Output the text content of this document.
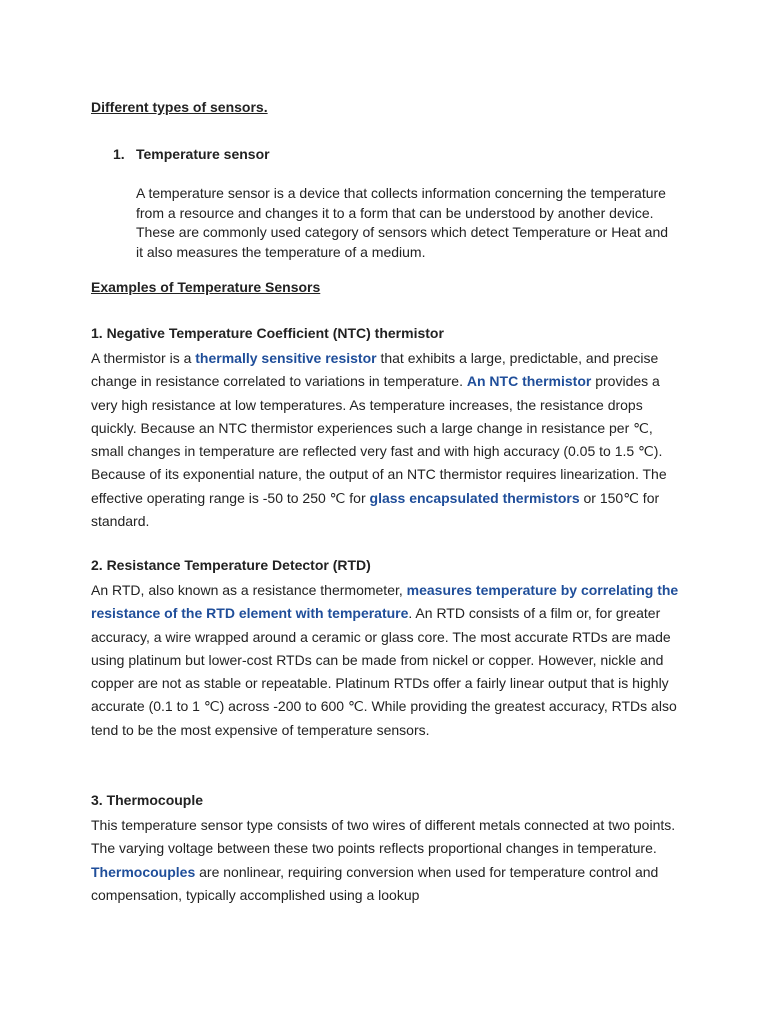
Different types of sensors.
1. Temperature sensor

A temperature sensor is a device that collects information concerning the temperature from a resource and changes it to a form that can be understood by another device. These are commonly used category of sensors which detect Temperature or Heat and it also measures the temperature of a medium.

Examples of Temperature Sensors
1. Negative Temperature Coefficient (NTC) thermistor

A thermistor is a thermally sensitive resistor that exhibits a large, predictable, and precise change in resistance correlated to variations in temperature. An NTC thermistor provides a very high resistance at low temperatures. As temperature increases, the resistance drops quickly. Because an NTC thermistor experiences such a large change in resistance per ℃, small changes in temperature are reflected very fast and with high accuracy (0.05 to 1.5 ℃). Because of its exponential nature, the output of an NTC thermistor requires linearization. The effective operating range is -50 to 250 ℃ for glass encapsulated thermistors or 150℃ for standard.

2. Resistance Temperature Detector (RTD)

An RTD, also known as a resistance thermometer, measures temperature by correlating the resistance of the RTD element with temperature. An RTD consists of a film or, for greater accuracy, a wire wrapped around a ceramic or glass core. The most accurate RTDs are made using platinum but lower-cost RTDs can be made from nickel or copper. However, nickle and copper are not as stable or repeatable. Platinum RTDs offer a fairly linear output that is highly accurate (0.1 to 1 ℃) across -200 to 600 ℃. While providing the greatest accuracy, RTDs also tend to be the most expensive of temperature sensors.

3. Thermocouple

This temperature sensor type consists of two wires of different metals connected at two points. The varying voltage between these two points reflects proportional changes in temperature. Thermocouples are nonlinear, requiring conversion when used for temperature control and compensation, typically accomplished using a lookup
